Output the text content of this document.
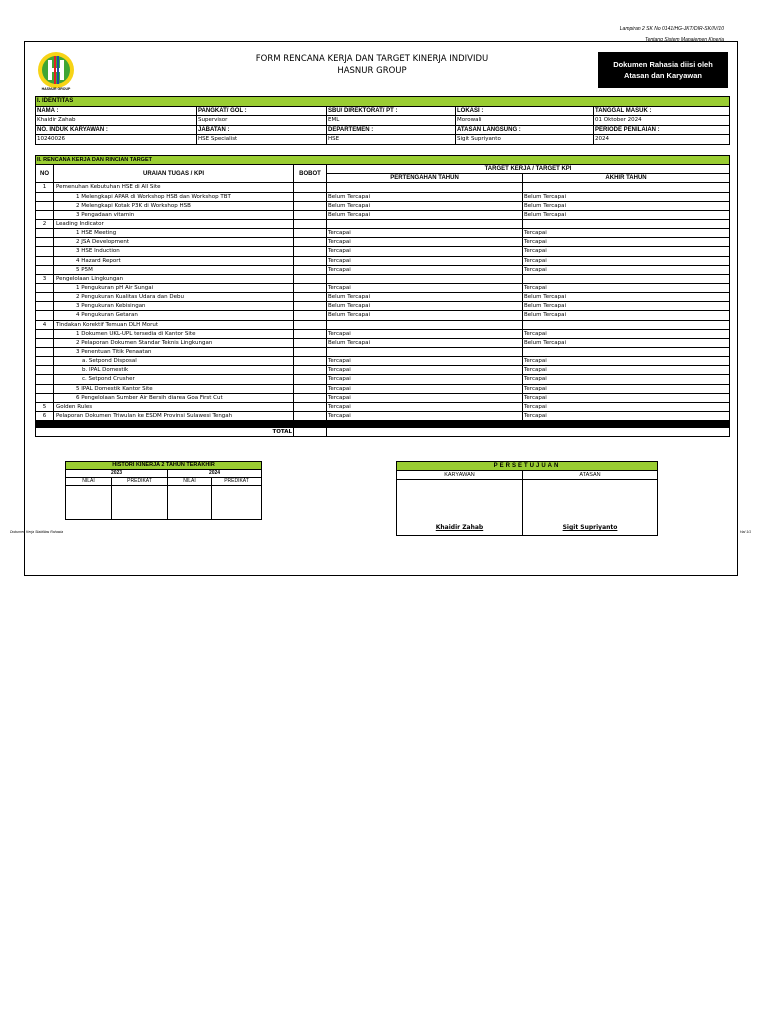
Lampiran 2 SK No 0141/HG-JKT/DIR-SK/IV/10
Tentang Sistem Manajemen Kinerja
HASNUR GROUP
FORM RENCANA KERJA DAN TARGET KINERJA INDIVIDU
HASNUR GROUP
Dokumen Rahasia diisi oleh
Atasan dan Karyawan
I. IDENTITAS				
NAMA :	PANGKAT/ GOL :	SBU/ DIREKTORAT/ PT :	LOKASI :	TANGGAL MASUK :
Khaidir Zahab	Supervisor	EML	Morowali	01 Oktober 2024
NO. INDUK KARYAWAN :	JABATAN :	DEPARTEMEN :	ATASAN LANGSUNG :	PERIODE PENILAIAN :
10240026	HSE Specialist	HSE	Sigit Supriyanto	2024
II. RENCANA KERJA DAN RINCIAN TARGET				
NO	URAIAN TUGAS / KPI	BOBOT	TARGET KERJA / TARGET KPI	
			PERTENGAHAN TAHUN	AKHIR TAHUN
1	Pemenuhan Kebutuhan HSE di All Site			
	1 Melengkapi APAR di Workshop HSB dan Workshop TBT		Belum Tercapai	Belum Tercapai
	2 Melengkapi Kotak P3K di Workshop HSB		Belum Tercapai	Belum Tercapai
	3 Pengadaan vitamin		Belum Tercapai	Belum Tercapai
2	Leading Indicator			
	1 HSE Meeting		Tercapai	Tercapai
	2 JSA Development		Tercapai	Tercapai
	3 HSE Induction		Tercapai	Tercapai
	4 Hazard Report		Tercapai	Tercapai
	5 P5M		Tercapai	Tercapai
3	Pengelolaan Lingkungan			
	1 Pengukuran pH Air Sungai		Tercapai	Tercapai
	2 Pengukuran Kualitas Udara dan Debu		Belum Tercapai	Belum Tercapai
	3 Pengukuran Kebisingan		Belum Tercapai	Belum Tercapai
	4 Pengukuran Getaran		Belum Tercapai	Belum Tercapai
4	Tindakan Korektif Temuan DLH Morut			
	1 Dokumen UKL-UPL tersedia di Kantor Site		Tercapai	Tercapai
	2 Pelaporan Dokumen Standar Teknis Lingkungan		Belum Tercapai	Belum Tercapai
	3 Penentuan Titik Penaatan			
	a. Setpond Disposal		Tercapai	Tercapai
	b. IPAL Domestik		Tercapai	Tercapai
	c. Setpond Crusher		Tercapai	Tercapai
	5 IPAL Domestik Kantor Site		Tercapai	Tercapai
	6 Pengelolaan Sumber Air Bersih diarea Goa First Cut		Tercapai	Tercapai
5	Golden Rules		Tercapai	Tercapai
6	Pelaporan Dokumen Triwulan ke ESDM Provinsi Sulawesi Tengah		Tercapai	Tercapai

TOTAL				
HISTORI KINERJA 2 TAHUN TERAKHIR			
2023		2024	
NILAI	PREDIKAT	NILAI	PREDIKAT

PERSETUJUAN	
KARYAWAN	ATASAN
Khaidir Zahab	Sigit Supriyanto
Dokumen Kerja Stabilitas Rahasia	Hal 1/1
